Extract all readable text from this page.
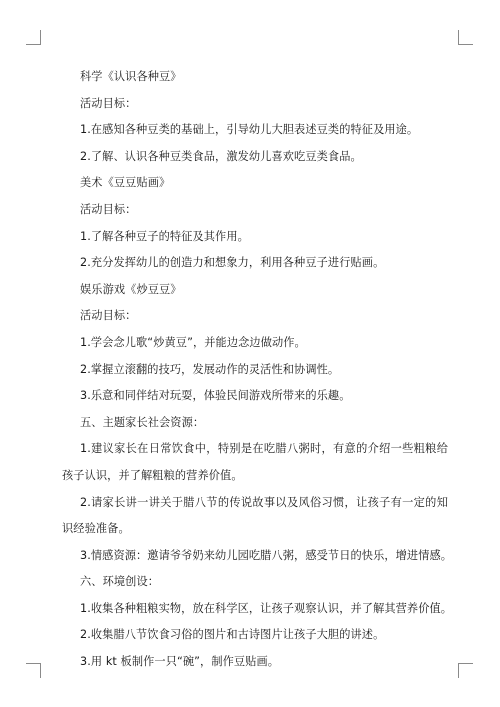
科学《认识各种豆》
活动目标：
1.在感知各种豆类的基础上，引导幼儿大胆表述豆类的特征及用途。
2.了解、认识各种豆类食品，激发幼儿喜欢吃豆类食品。
美术《豆豆贴画》
活动目标：
1.了解各种豆子的特征及其作用。
2.充分发挥幼儿的创造力和想象力，利用各种豆子进行贴画。
娱乐游戏《炒豆豆》
活动目标：
1.学会念儿歌“炒黄豆”，并能边念边做动作。
2.掌握立滚翻的技巧，发展动作的灵活性和协调性。
3.乐意和同伴结对玩耍，体验民间游戏所带来的乐趣。
五、主题家长社会资源：
1.建议家长在日常饮食中，特别是在吃腊八粥时，有意的介绍一些粗粮给孩子认识，并了解粗粮的营养价值。
2.请家长讲一讲关于腊八节的传说故事以及风俗习惯，让孩子有一定的知识经验准备。
3.情感资源：邀请爷爷奶来幼儿园吃腊八粥，感受节日的快乐，增进情感。
六、环境创设：
1.收集各种粗粮实物，放在科学区，让孩子观察认识，并了解其营养价值。
2.收集腊八节饮食习俗的图片和古诗图片让孩子大胆的讲述。
3.用 kt 板制作一只“碗”，制作豆贴画。
